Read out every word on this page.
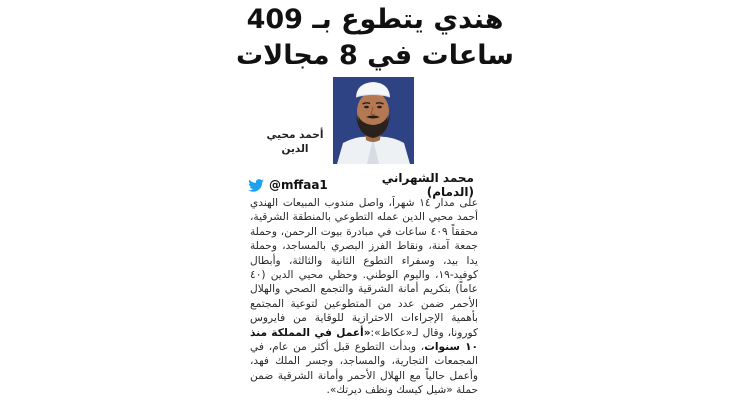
هندي يتطوع بـ 409
ساعات في 8 مجالات
أحمد محيي
الدين
محمد الشهراني (الدمام)
@mffaa1

على مدار ١٤ شهراً، واصل مندوب المبيعات الهندي أحمد محيي الدين عمله التطوعي بالمنطقة الشرقية، محققاً ٤٠٩ ساعات في مبادرة بيوت الرحمن، وحملة جمعة آمنة، ونقاط الفرز البصري بالمساجد، وحملة يدا بيد، وسفراء التطوع الثانية والثالثة، وأبطال كوفيد-١٩، واليوم الوطني. وحظي محيي الدين (٤٠ عاماً) بتكريم أمانة الشرقية والتجمع الصحي والهلال الأحمر ضمن عدد من المتطوعين لتوعية المجتمع بأهمية الإجراءات الاحترازية للوقاية من فايروس كورونا، وقال لـ«عكاظ»:«أعمل في المملكة منذ ١٠ سنوات، وبدأت التطوع قبل أكثر من عام، في المجمعات التجارية، والمساجد، وجسر الملك فهد، وأعمل حالياً مع الهلال الأحمر وأمانة الشرقية ضمن حملة «شيل كيسك ونظف ديرتك».
